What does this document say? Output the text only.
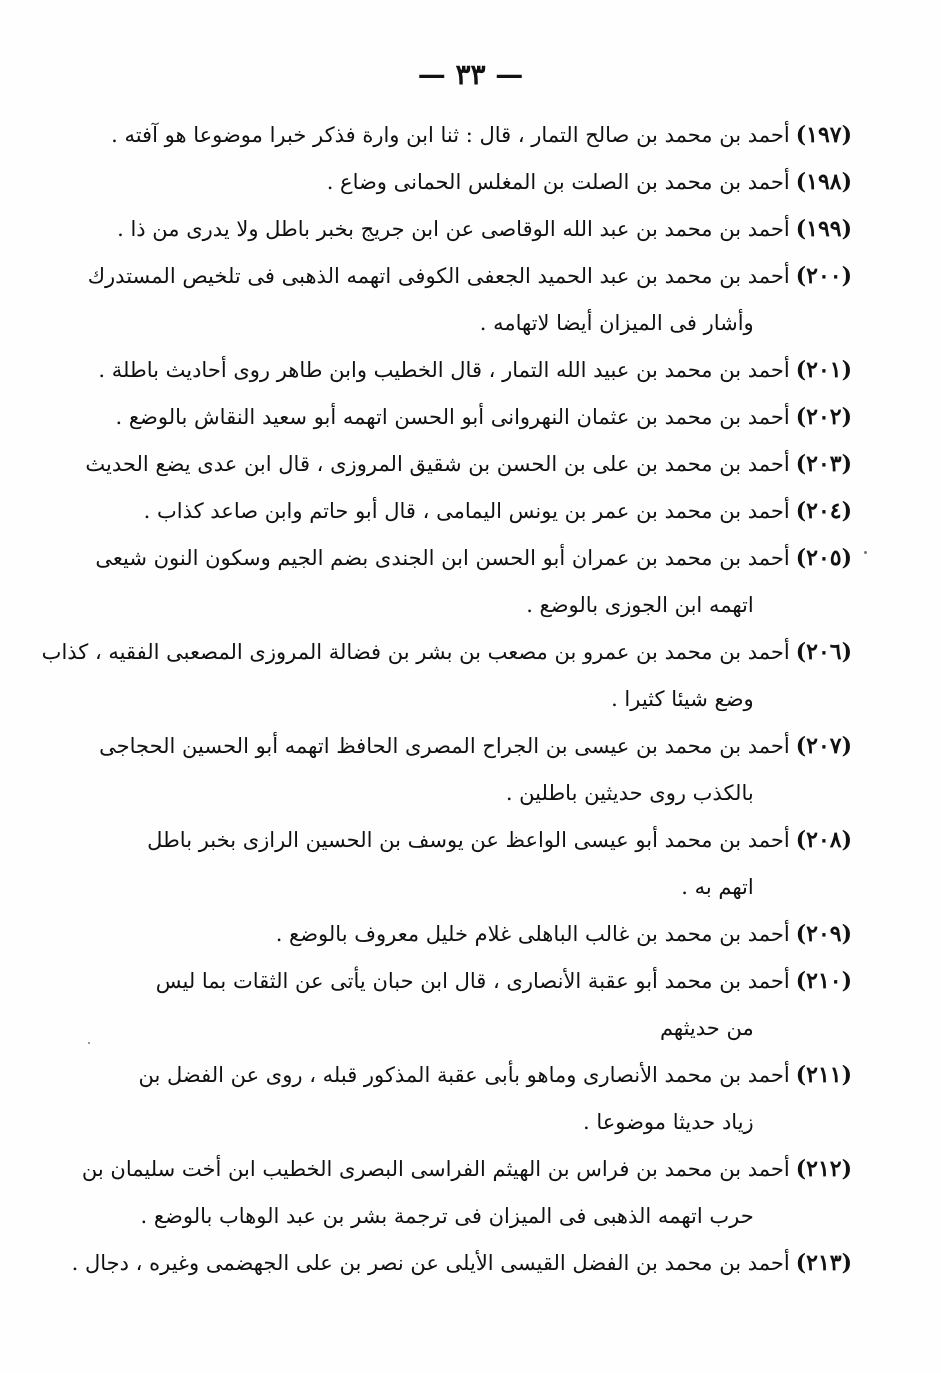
— ٣٣ —
(١٩٧)
أحمد بن محمد بن صالح التمار ، قال : ثنا ابن وارة فذكر خبرا موضوعا هو آفته .
(١٩٨)
أحمد بن محمد بن الصلت بن المغلس الحمانى وضاع .
(١٩٩)
أحمد بن محمد بن عبد الله الوقاصى عن ابن جريج بخبر باطل ولا يدرى من ذا .
(٢٠٠)
أحمد بن محمد بن عبد الحميد الجعفى الكوفى اتهمه الذهبى فى تلخيص المستدرك
وأشار فى الميزان أيضا لاتهامه .
(٢٠١)
أحمد بن محمد بن عبيد الله التمار ، قال الخطيب وابن طاهر روى أحاديث باطلة .
(٢٠٢)
أحمد بن محمد بن عثمان النهروانى أبو الحسن اتهمه أبو سعيد النقاش بالوضع .
(٢٠٣)
أحمد بن محمد بن على بن الحسن بن شقيق المروزى ، قال ابن عدى يضع الحديث
(٢٠٤)
أحمد بن محمد بن عمر بن يونس اليمامى ، قال أبو حاتم وابن صاعد كذاب .
(٢٠٥)
أحمد بن محمد بن عمران أبو الحسن ابن الجندى بضم الجيم وسكون النون شيعى
اتهمه ابن الجوزى بالوضع .
(٢٠٦)
أحمد بن محمد بن عمرو بن مصعب بن بشر بن فضالة المروزى المصعبى الفقيه ، كذاب
وضع شيئا كثيرا .
(٢٠٧)
أحمد بن محمد بن عيسى بن الجراح المصرى الحافظ اتهمه أبو الحسين الحجاجى
بالكذب روى حديثين باطلين .
(٢٠٨)
أحمد بن محمد أبو عيسى الواعظ عن يوسف بن الحسين الرازى بخبر باطل
اتهم به .
(٢٠٩)
أحمد بن محمد بن غالب الباهلى غلام خليل معروف بالوضع .
(٢١٠)
أحمد بن محمد أبو عقبة الأنصارى ، قال ابن حبان يأتى عن الثقات بما ليس
من حديثهم
(٢١١)
أحمد بن محمد الأنصارى وماهو بأبى عقبة المذكور قبله ، روى عن الفضل بن
زياد حديثا موضوعا .
(٢١٢)
أحمد بن محمد بن فراس بن الهيثم الفراسى البصرى الخطيب ابن أخت سليمان بن
حرب اتهمه الذهبى فى الميزان فى ترجمة بشر بن عبد الوهاب بالوضع .
(٢١٣)
أحمد بن محمد بن الفضل القيسى الأيلى عن نصر بن على الجهضمى وغيره ، دجال .
